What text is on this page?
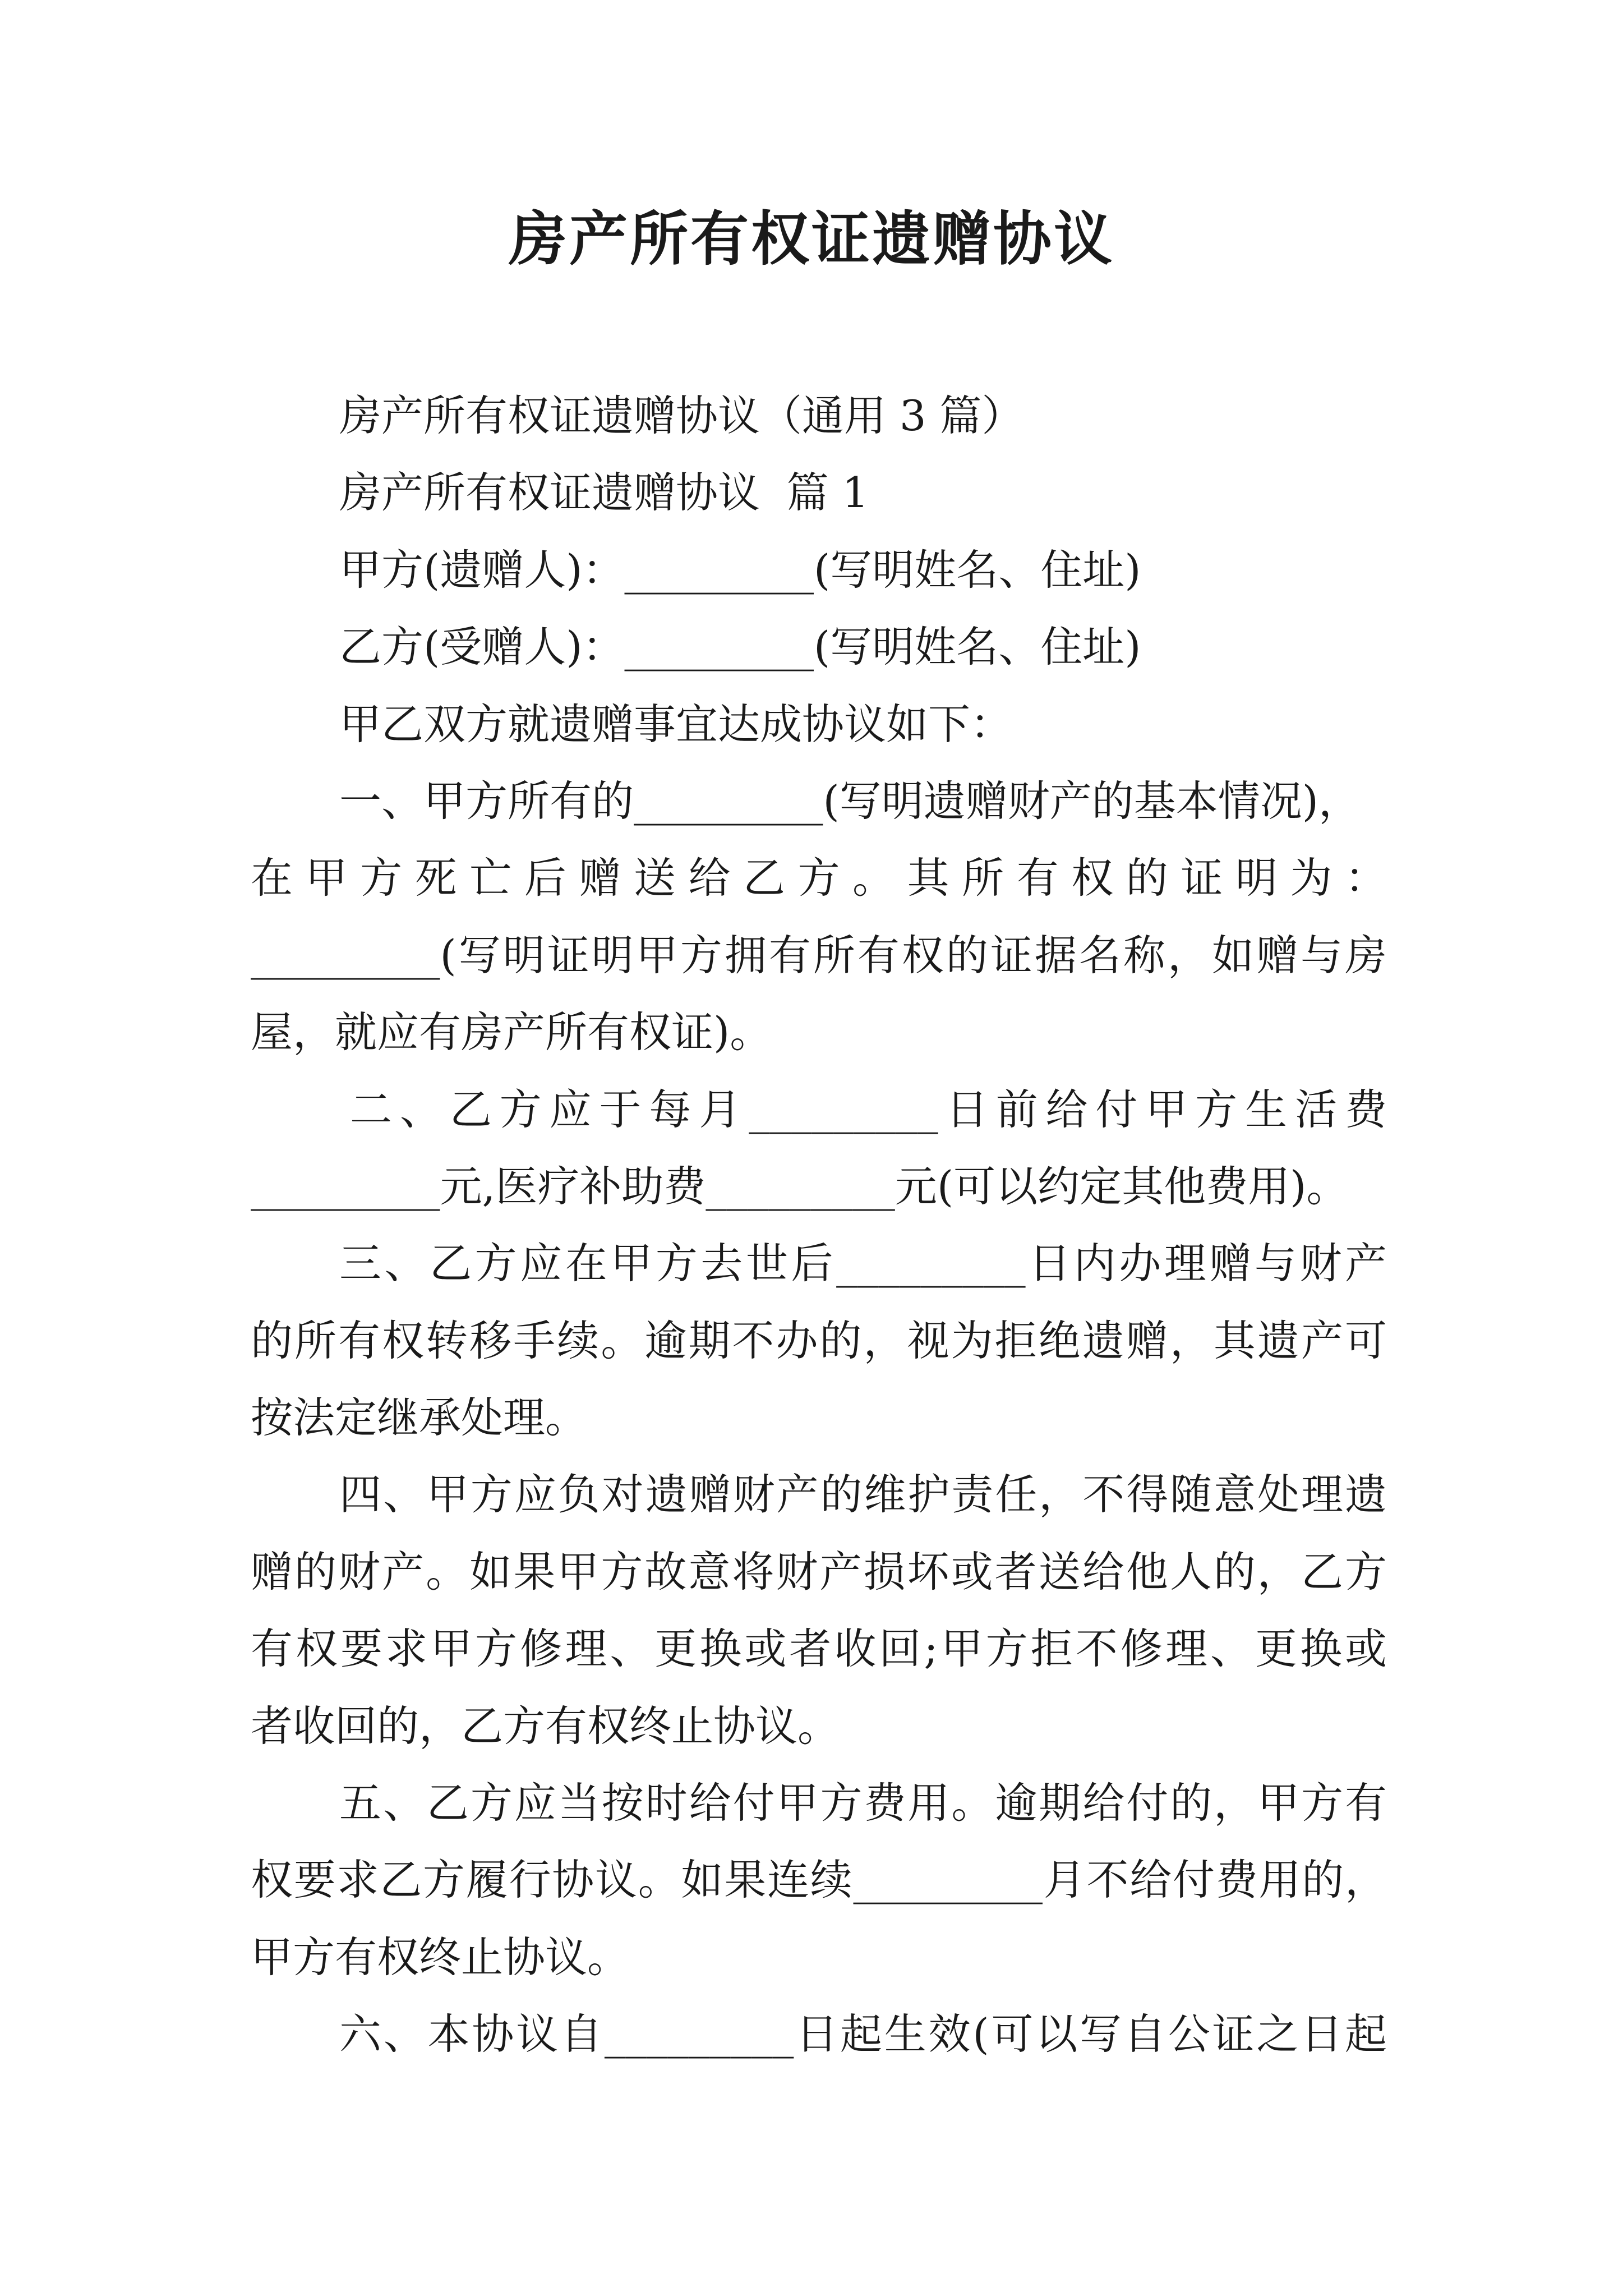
房产所有权证遗赠协议
房产所有权证遗赠协议（通用 3 篇）
房产所有权证遗赠协议  篇 1
甲方(遗赠人)：_________(写明姓名、住址)
乙方(受赠人)：_________(写明姓名、住址)
甲乙双方就遗赠事宜达成协议如下：
一、甲方所有的_________(写明遗赠财产的基本情况)，
在甲方死亡后赠送给乙方。其所有权的证明为：
_________(写明证明甲方拥有所有权的证据名称，如赠与房
屋，就应有房产所有权证)。
二、乙方应于每月_________日前给付甲方生活费
_________元,医疗补助费_________元(可以约定其他费用)。
三、乙方应在甲方去世后_________日内办理赠与财产
的所有权转移手续。逾期不办的，视为拒绝遗赠，其遗产可
按法定继承处理。
四、甲方应负对遗赠财产的维护责任，不得随意处理遗
赠的财产。如果甲方故意将财产损坏或者送给他人的，乙方
有权要求甲方修理、更换或者收回;甲方拒不修理、更换或
者收回的，乙方有权终止协议。
五、乙方应当按时给付甲方费用。逾期给付的，甲方有
权要求乙方履行协议。如果连续_________月不给付费用的，
甲方有权终止协议。
六、本协议自_________日起生效(可以写自公证之日起
